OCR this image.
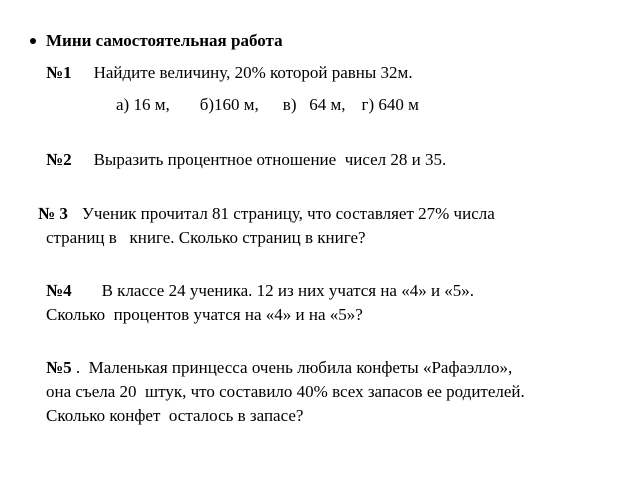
Мини самостоятельная работа
№1 Найдите величину, 20% которой равны 32м.
а) 16 м, б)160 м, в)   64 м, г) 640 м
№2 Выразить процентное отношение  чисел 28 и 35.
№ 3 Ученик прочитал 81 страницу, что составляет 27% числа
страниц в   книге. Сколько страниц в книге?
№4 В классе 24 ученика. 12 из них учатся на «4» и «5».
Сколько  процентов учатся на «4» и на «5»?
№5 .  Маленькая принцесса очень любила конфеты «Рафаэлло»,
она съела 20  штук, что составило 40% всех запасов ее родителей.
Сколько конфет  осталось в запасе?
